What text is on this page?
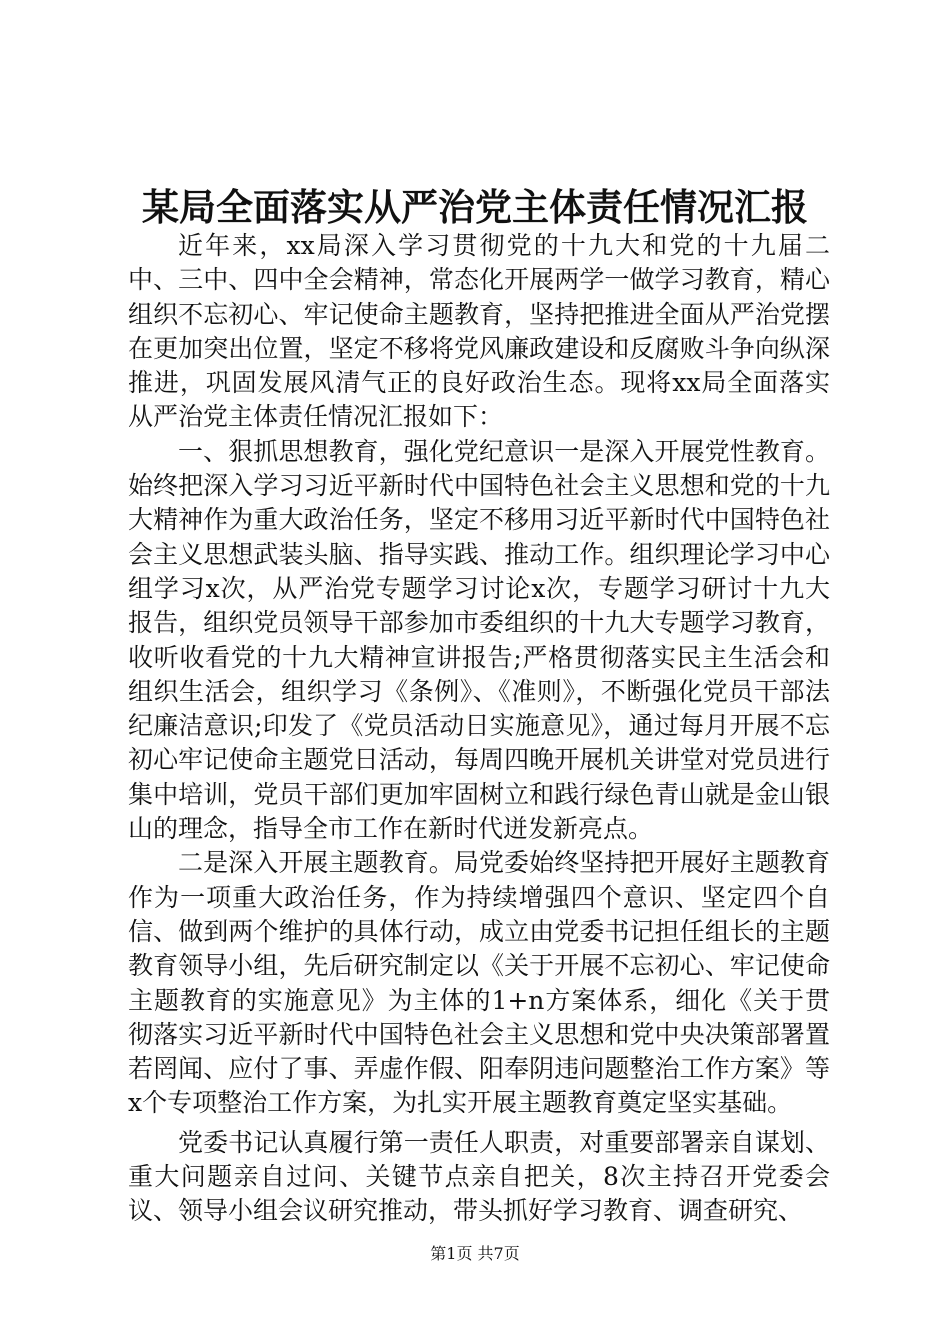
某局全面落实从严治党主体责任情况汇报

近年来，xx局深入学习贯彻党的十九大和党的十九届二中、三中、四中全会精神，常态化开展两学一做学习教育，精心组织不忘初心、牢记使命主题教育，坚持把推进全面从严治党摆在更加突出位置，坚定不移将党风廉政建设和反腐败斗争向纵深推进，巩固发展风清气正的良好政治生态。现将xx局全面落实从严治党主体责任情况汇报如下：

一、狠抓思想教育，强化党纪意识一是深入开展党性教育。始终把深入学习习近平新时代中国特色社会主义思想和党的十九大精神作为重大政治任务，坚定不移用习近平新时代中国特色社会主义思想武装头脑、指导实践、推动工作。组织理论学习中心组学习x次，从严治党专题学习讨论x次，专题学习研讨十九大报告，组织党员领导干部参加市委组织的十九大专题学习教育，收听收看党的十九大精神宣讲报告;严格贯彻落实民主生活会和组织生活会，组织学习《条例》、《准则》，不断强化党员干部法纪廉洁意识;印发了《党员活动日实施意见》，通过每月开展不忘初心牢记使命主题党日活动，每周四晚开展机关讲堂对党员进行集中培训，党员干部们更加牢固树立和践行绿色青山就是金山银山的理念，指导全市工作在新时代迸发新亮点。

二是深入开展主题教育。局党委始终坚持把开展好主题教育作为一项重大政治任务，作为持续增强四个意识、坚定四个自信、做到两个维护的具体行动，成立由党委书记担任组长的主题教育领导小组，先后研究制定以《关于开展不忘初心、牢记使命主题教育的实施意见》为主体的1+n方案体系，细化《关于贯彻落实习近平新时代中国特色社会主义思想和党中央决策部署置若罔闻、应付了事、弄虚作假、阳奉阴违问题整治工作方案》等x个专项整治工作方案，为扎实开展主题教育奠定坚实基础。

党委书记认真履行第一责任人职责，对重要部署亲自谋划、重大问题亲自过问、关键节点亲自把关，8次主持召开党委会议、领导小组会议研究推动，带头抓好学习教育、调查研究、

第1页 共7页
